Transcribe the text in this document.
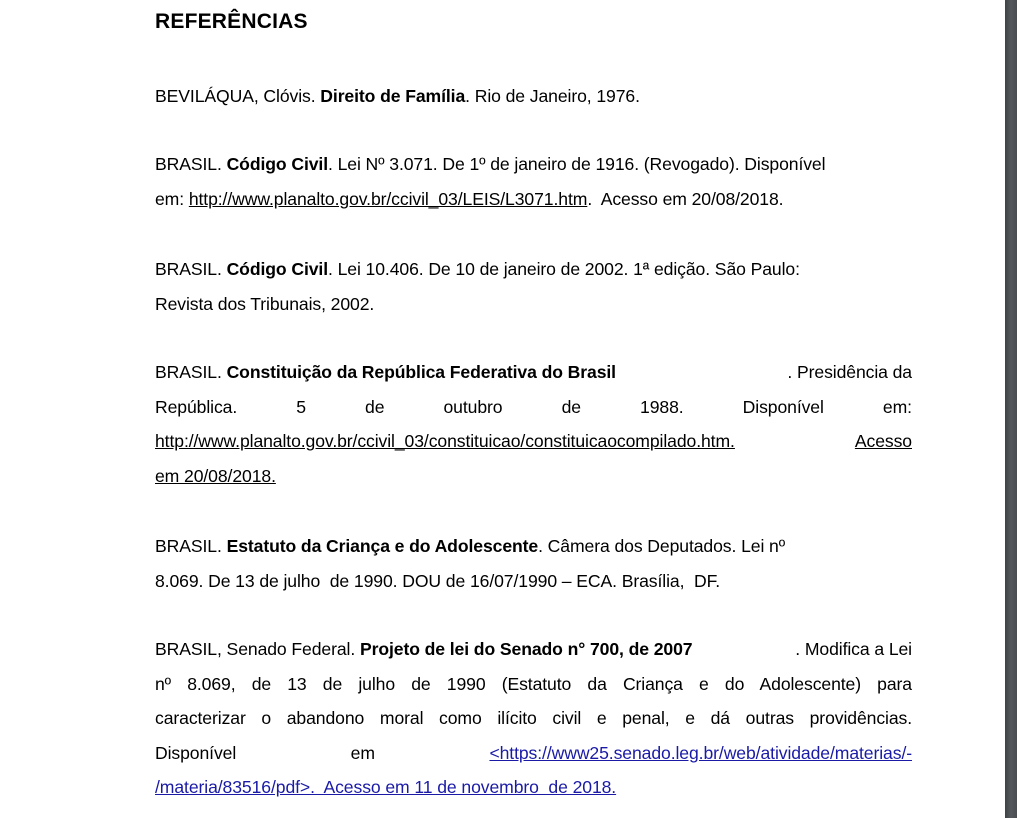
REFERÊNCIAS
BEVILÁQUA, Clóvis. Direito de Família. Rio de Janeiro, 1976.
BRASIL. Código Civil. Lei Nº 3.071. De 1º de janeiro de 1916. (Revogado). Disponível
em: http://www.planalto.gov.br/ccivil_03/LEIS/L3071.htm.  Acesso em 20/08/2018.
BRASIL. Código Civil. Lei 10.406. De 10 de janeiro de 2002. 1ª edição. São Paulo:
Revista dos Tribunais, 2002.
BRASIL. Constituição da República Federativa do Brasil	. Presidência da
República.	5	de	outubro	de	1988.	Disponível	em:
http://www.planalto.gov.br/ccivil_03/constituicao/constituicaocompilado.htm.	Acesso
em 20/08/2018.
BRASIL. Estatuto da Criança e do Adolescente. Câmera dos Deputados. Lei nº
8.069. De 13 de julho  de 1990. DOU de 16/07/1990 – ECA. Brasília,  DF.
BRASIL, Senado Federal. Projeto de lei do Senado n° 700, de 2007	. Modifica a Lei
nº 8.069, de 13 de julho de 1990 (Estatuto da Criança e do Adolescente) para
caracterizar o abandono moral como ilícito civil e penal, e dá outras providências.
Disponível	em	<https://www25.senado.leg.br/web/atividade/materias/-
/materia/83516/pdf>.  Acesso em 11 de novembro  de 2018.
